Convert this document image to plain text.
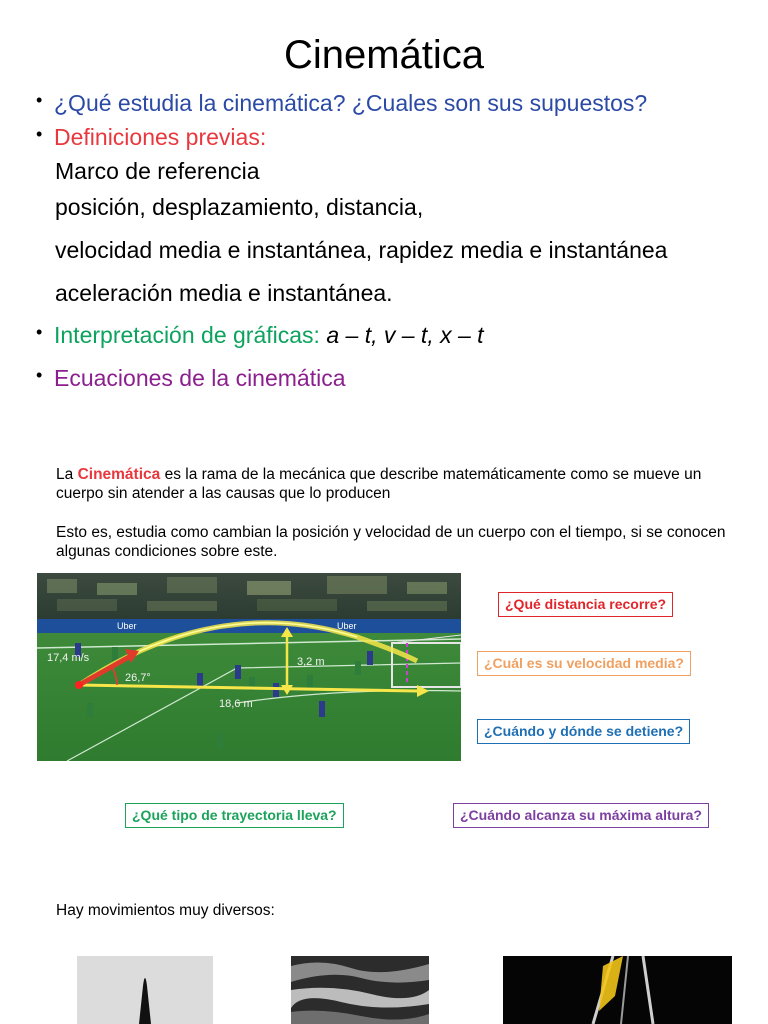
Cinemática
• ¿Qué estudia la cinemática? ¿Cuales son sus supuestos?
• Definiciones previas:
Marco de referencia
posición, desplazamiento, distancia,
velocidad media e instantánea, rapidez media e instantánea
aceleración media e instantánea.
• Interpretación de gráficas: a – t, v – t, x – t
• Ecuaciones de la cinemática
La Cinemática es la rama de la mecánica que describe matemáticamente como se mueve un cuerpo sin atender a las causas que lo producen
Esto es, estudia como cambian la posición y velocidad de un cuerpo con el tiempo, si se conocen algunas condiciones sobre este.
Uber	Uber
17,4 m/s
26,7°
3,2 m
18,6 m
¿Qué distancia recorre?
¿Cuál es su velocidad media?
¿Cuándo y dónde se detiene?
¿Qué tipo de trayectoria lleva?	¿Cuándo alcanza su máxima altura?
Hay movimientos muy diversos:
